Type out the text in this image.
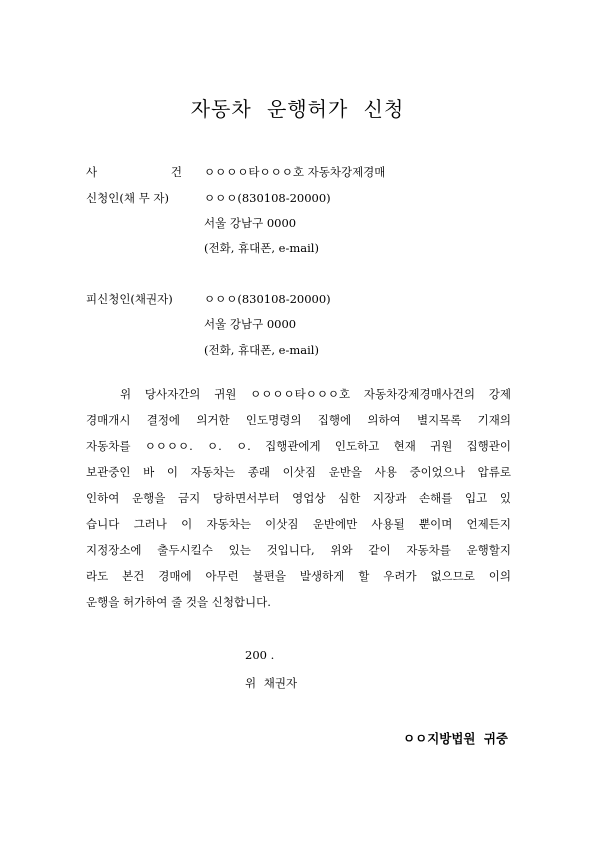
자동차 운행허가 신청
사	건 ㅇㅇㅇㅇ타ㅇㅇㅇ호 자동차강제경매
신청인(채 무 자)	ㅇㅇㅇ(830108-20000)
서울 강남구 0000
(전화, 휴대폰, e-mail)
피신청인(채권자)	ㅇㅇㅇ(830108-20000)
서울 강남구 0000
(전화, 휴대폰, e-mail)
위 당사자간의 귀원 ㅇㅇㅇㅇ타ㅇㅇㅇ호 자동차강제경매사건의 강제
경매개시 결정에 의거한 인도명령의 집행에 의하여 별지목록 기재의
자동차를 ㅇㅇㅇㅇ. ㅇ. ㅇ. 집행관에게 인도하고 현재 귀원 집행관이
보관중인 바 이 자동차는 종래 이삿짐 운반을 사용 중이었으나 압류로
인하여 운행을 금지 당하면서부터 영업상 심한 지장과 손해를 입고 있
습니다 그러나 이 자동차는 이삿짐 운반에만 사용될 뿐이며 언제든지
지정장소에 출두시킬수 있는 것입니다, 위와 같이 자동차를 운행할지
라도 본건 경매에 아무런 불편을 발생하게 할 우려가 없으므로 이의
운행을 허가하여 줄 것을 신청합니다.
200 .
위 채권자
ㅇㅇ지방법원 귀중
